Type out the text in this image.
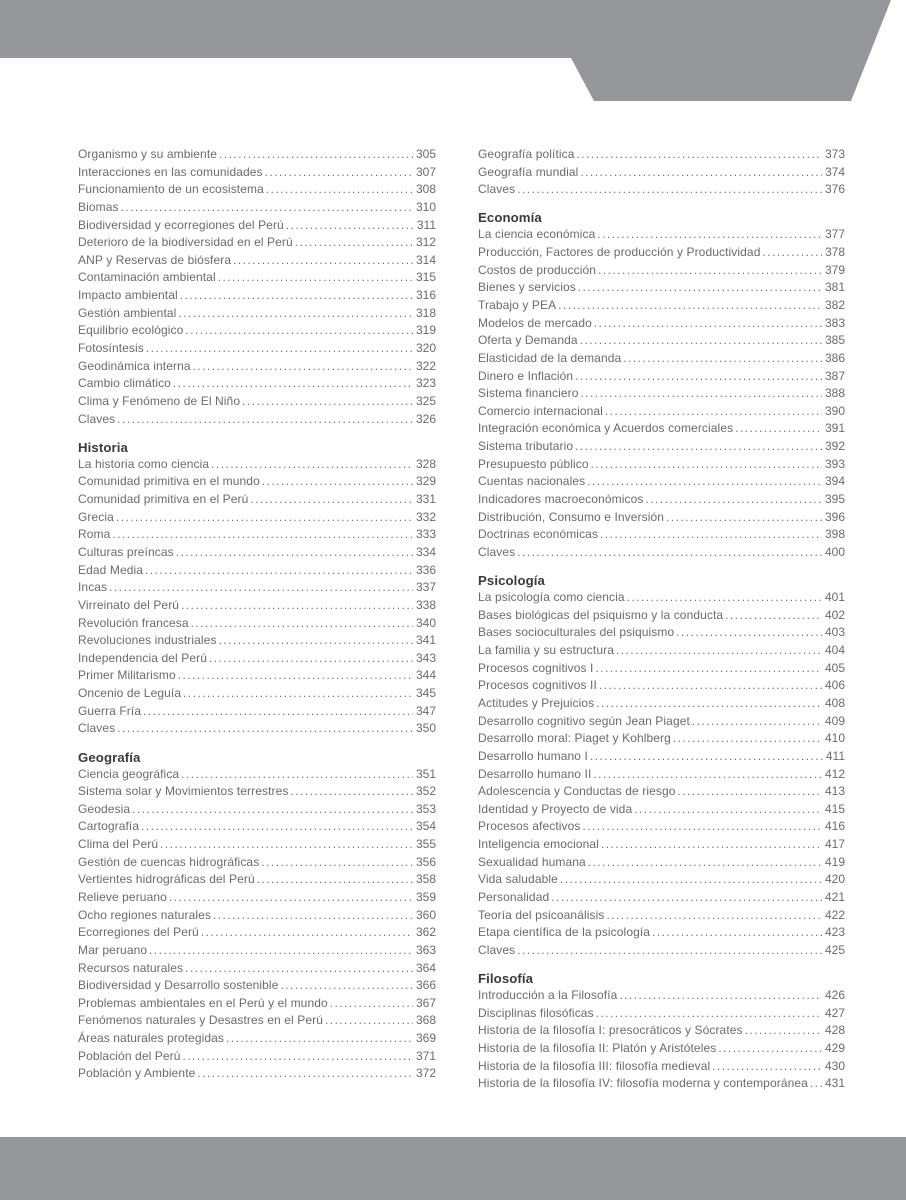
Organismo y su ambiente .....	305
Interacciones en las comunidades .....	307
Funcionamiento de un ecosistema .....	308
Biomas .....	310
Biodiversidad y ecorregiones del Perú .....	311
Deterioro de la biodiversidad en el Perú .....	312
ANP y Reservas de biósfera .....	314
Contaminación ambiental .....	315
Impacto ambiental .....	316
Gestión ambiental .....	318
Equilibrio ecológico .....	319
Fotosíntesis .....	320
Geodinámica interna .....	322
Cambio climático .....	323
Clima y Fenómeno de El Niño .....	325
Claves .....	326
Historia
La historia como ciencia .....	328
Comunidad primitiva en el mundo .....	329
Comunidad primitiva en el Perú .....	331
Grecia .....	332
Roma .....	333
Culturas preíncas .....	334
Edad Media .....	336
Incas .....	337
Virreinato del Perú .....	338
Revolución francesa .....	340
Revoluciones industriales .....	341
Independencia del Perú .....	343
Primer Militarismo .....	344
Oncenio de Leguía .....	345
Guerra Fría .....	347
Claves .....	350
Geografía
Ciencia geográfica .....	351
Sistema solar y Movimientos terrestres .....	352
Geodesia .....	353
Cartografía .....	354
Clima del Perú .....	355
Gestión de cuencas hidrográficas .....	356
Vertientes hidrográficas del Perú .....	358
Relieve peruano .....	359
Ocho regiones naturales .....	360
Ecorregiones del Perú .....	362
Mar peruano .....	363
Recursos naturales .....	364
Biodiversidad y Desarrollo sostenible .....	366
Problemas ambientales en el Perú y el mundo .....	367
Fenómenos naturales y Desastres en el Perú .....	368
Áreas naturales protegidas .....	369
Población del Perú .....	371
Población y Ambiente .....	372
Geografía política .....	373
Geografía mundial .....	374
Claves .....	376
Economía
La ciencia económica .....	377
Producción, Factores de producción y Productividad .....	378
Costos de producción .....	379
Bienes y servicios .....	381
Trabajo y PEA .....	382
Modelos de mercado .....	383
Oferta y Demanda .....	385
Elasticidad de la demanda .....	386
Dinero e Inflación .....	387
Sistema financiero .....	388
Comercio internacional .....	390
Integración económica y Acuerdos comerciales .....	391
Sistema tributario .....	392
Presupuesto público .....	393
Cuentas nacionales .....	394
Indicadores macroeconómicos .....	395
Distribución, Consumo e Inversión .....	396
Doctrinas económicas .....	398
Claves .....	400
Psicología
La psicología como ciencia .....	401
Bases biológicas del psiquismo y la conducta .....	402
Bases socioculturales del psiquismo .....	403
La familia y su estructura .....	404
Procesos cognitivos I .....	405
Procesos cognitivos II .....	406
Actitudes y Prejuicios .....	408
Desarrollo cognitivo según Jean Piaget .....	409
Desarrollo moral: Piaget y Kohlberg .....	410
Desarrollo humano I .....	411
Desarrollo humano II .....	412
Adolescencia y Conductas de riesgo .....	413
Identidad y Proyecto de vida .....	415
Procesos afectivos .....	416
Inteligencia emocional .....	417
Sexualidad humana .....	419
Vida saludable .....	420
Personalidad .....	421
Teoría del psicoanálisis .....	422
Etapa científica de la psicología .....	423
Claves .....	425
Filosofía
Introducción a la Filosofía .....	426
Disciplinas filosóficas .....	427
Historia de la filosofía I: presocráticos y Sócrates .....	428
Historia de la filosofía II: Platón y Aristóteles .....	429
Historia de la filosofía III: filosofía medieval .....	430
Historia de la filosofía IV: filosofía moderna y contemporánea ..... 431
